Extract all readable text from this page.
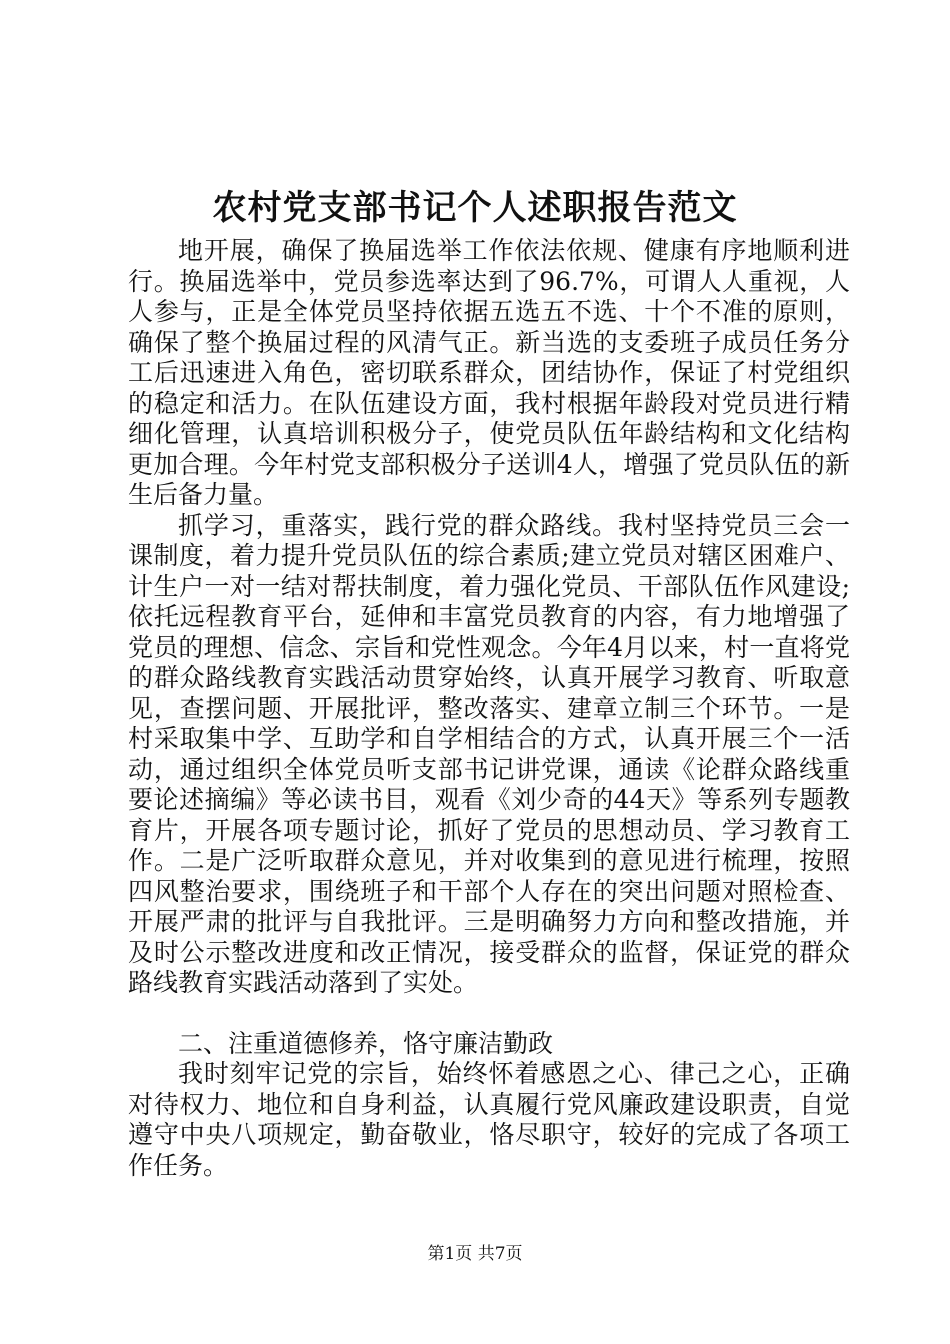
农村党支部书记个人述职报告范文

地开展，确保了换届选举工作依法依规、健康有序地顺利进行。换届选举中，党员参选率达到了96.7%，可谓人人重视，人人参与，正是全体党员坚持依据五选五不选、十个不准的原则，确保了整个换届过程的风清气正。新当选的支委班子成员任务分工后迅速进入角色，密切联系群众，团结协作，保证了村党组织的稳定和活力。在队伍建设方面，我村根据年龄段对党员进行精细化管理，认真培训积极分子，使党员队伍年龄结构和文化结构更加合理。今年村党支部积极分子送训4人，增强了党员队伍的新生后备力量。

抓学习，重落实，践行党的群众路线。我村坚持党员三会一课制度，着力提升党员队伍的综合素质;建立党员对辖区困难户、计生户一对一结对帮扶制度，着力强化党员、干部队伍作风建设;依托远程教育平台，延伸和丰富党员教育的内容，有力地增强了党员的理想、信念、宗旨和党性观念。今年4月以来，村一直将党的群众路线教育实践活动贯穿始终，认真开展学习教育、听取意见，查摆问题、开展批评，整改落实、建章立制三个环节。一是村采取集中学、互助学和自学相结合的方式，认真开展三个一活动，通过组织全体党员听支部书记讲党课，通读《论群众路线重要论述摘编》等必读书目，观看《刘少奇的44天》等系列专题教育片，开展各项专题讨论，抓好了党员的思想动员、学习教育工作。二是广泛听取群众意见，并对收集到的意见进行梳理，按照四风整治要求，围绕班子和干部个人存在的突出问题对照检查、开展严肃的批评与自我批评。三是明确努力方向和整改措施，并及时公示整改进度和改正情况，接受群众的监督，保证党的群众路线教育实践活动落到了实处。

二、注重道德修养，恪守廉洁勤政

我时刻牢记党的宗旨，始终怀着感恩之心、律己之心，正确对待权力、地位和自身利益，认真履行党风廉政建设职责，自觉遵守中央八项规定，勤奋敬业，恪尽职守，较好的完成了各项工作任务。

第1页 共7页
